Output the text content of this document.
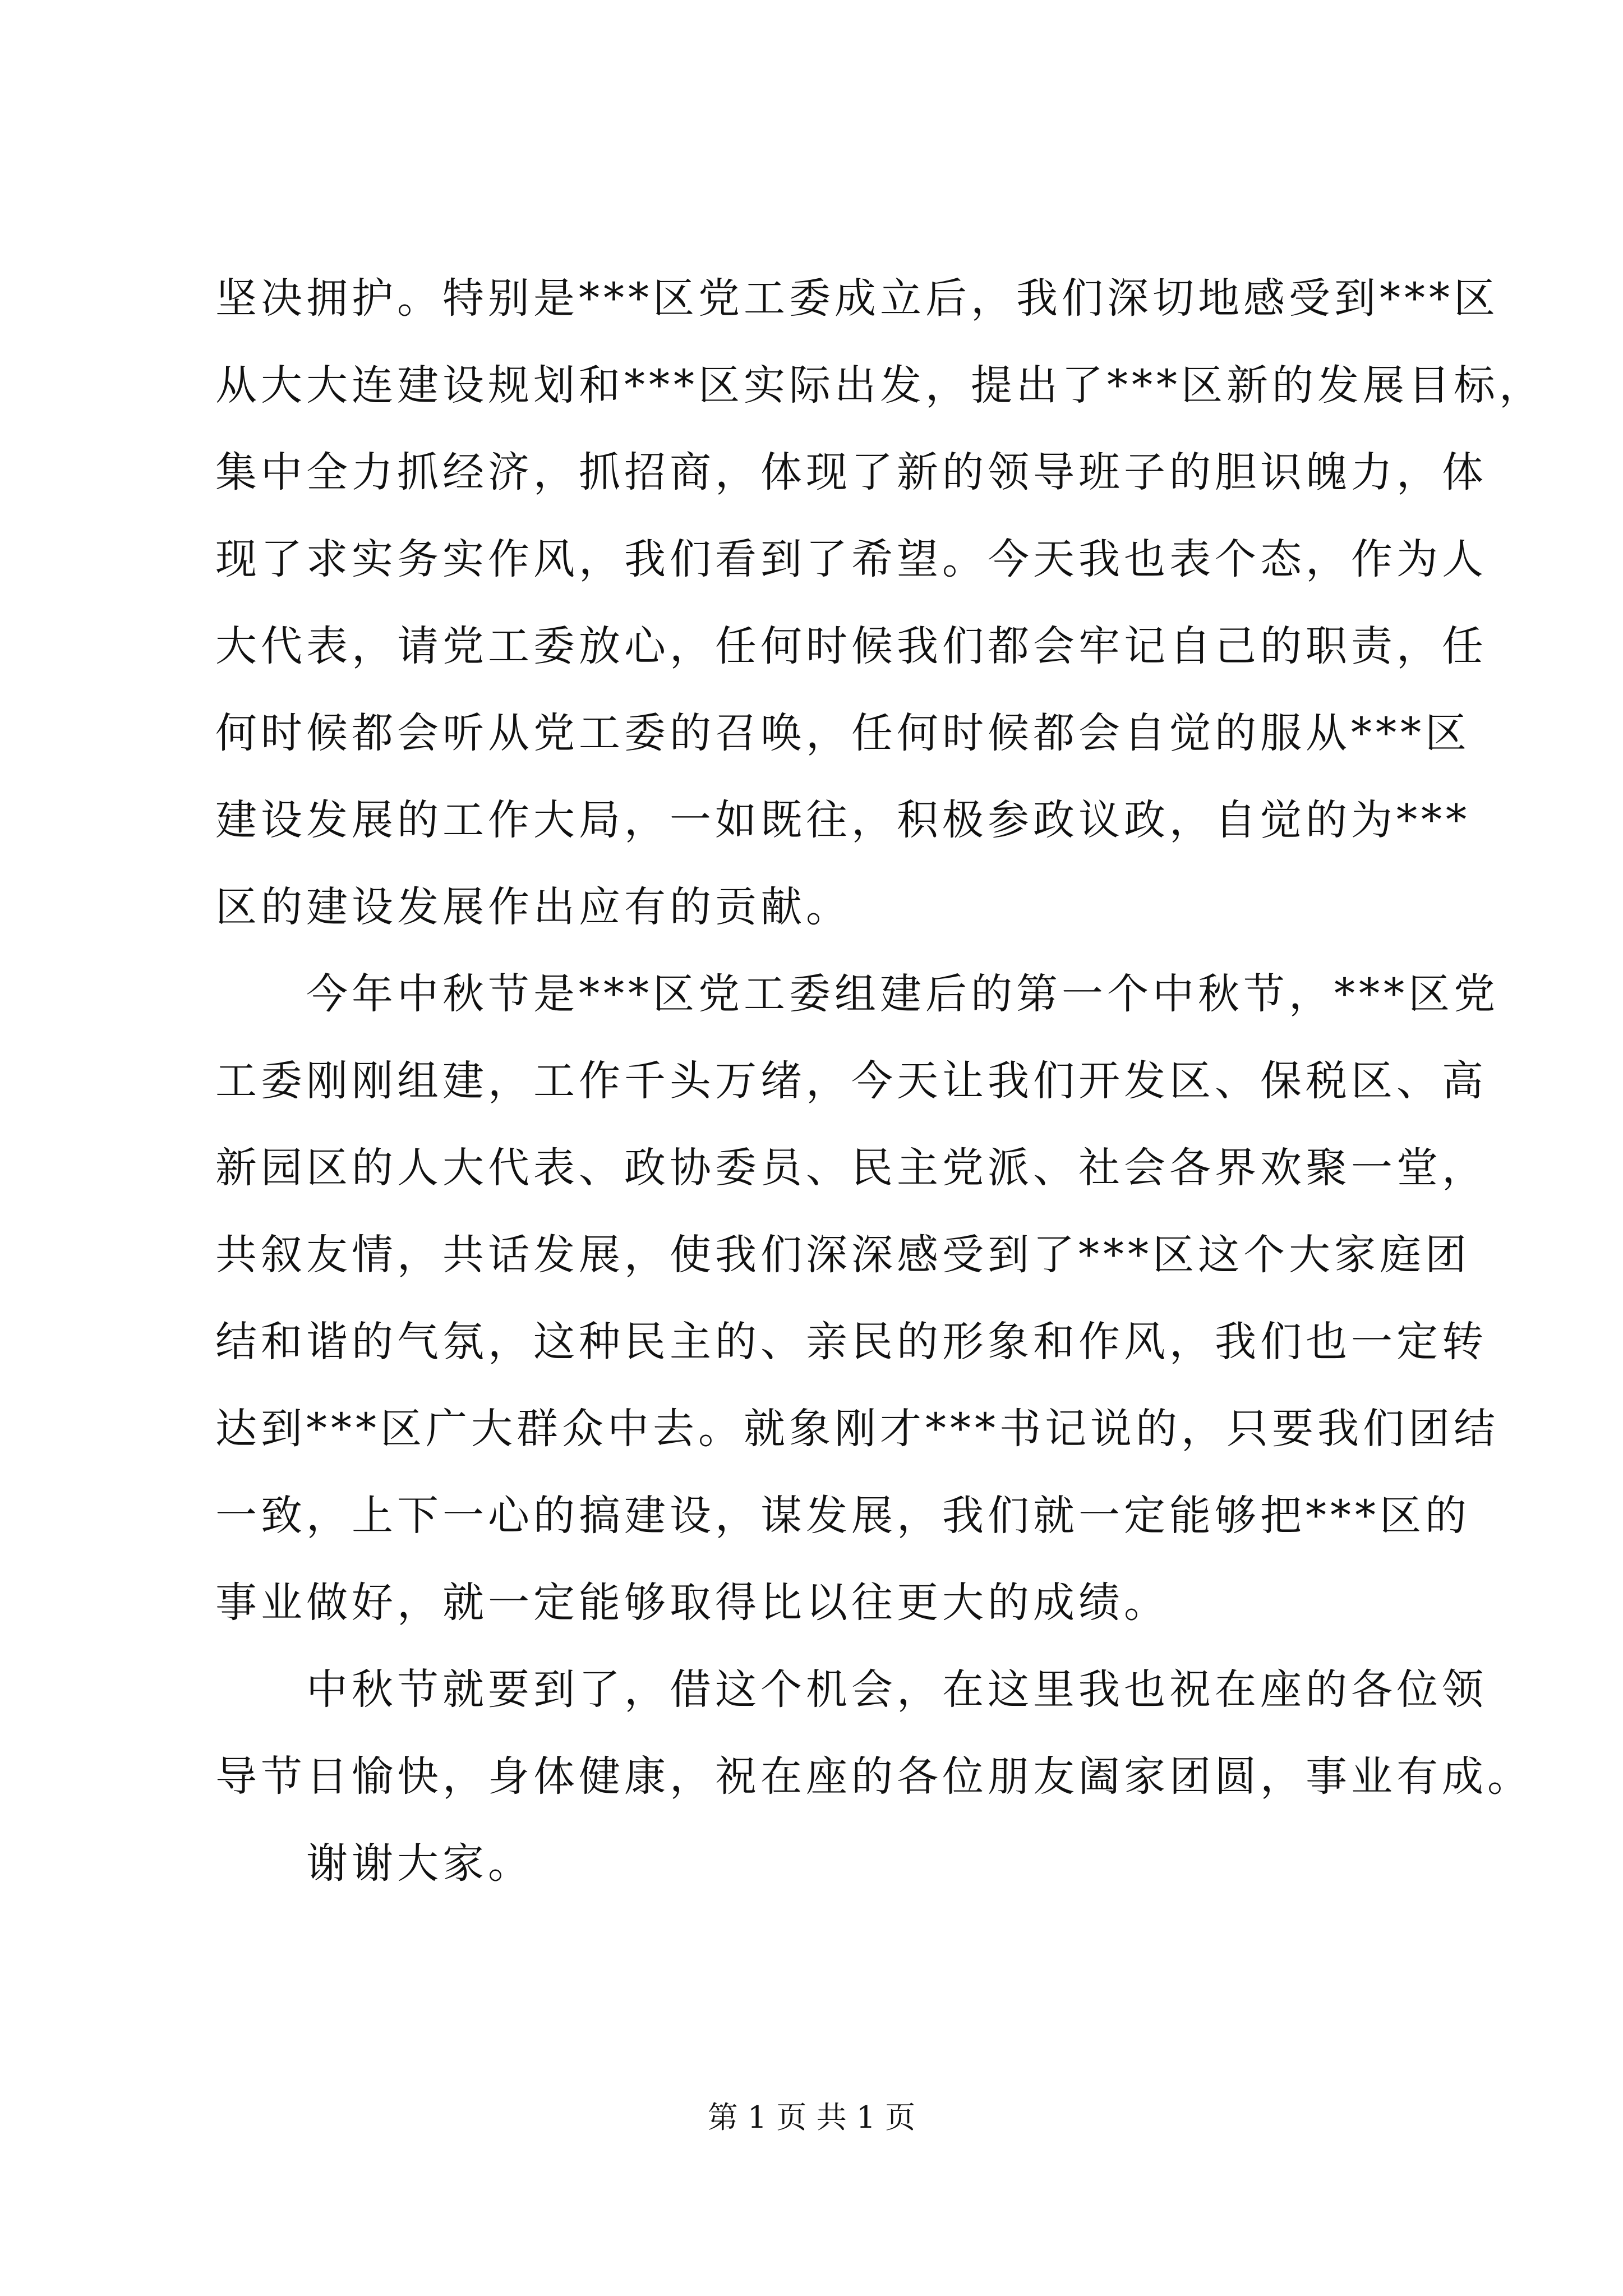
坚决拥护。特别是***区党工委成立后，我们深切地感受到***区
从大大连建设规划和***区实际出发，提出了***区新的发展目标，
集中全力抓经济，抓招商，体现了新的领导班子的胆识魄力，体
现了求实务实作风，我们看到了希望。今天我也表个态，作为人
大代表，请党工委放心，任何时候我们都会牢记自己的职责，任
何时候都会听从党工委的召唤，任何时候都会自觉的服从***区
建设发展的工作大局，一如既往，积极参政议政，自觉的为***
区的建设发展作出应有的贡献。
　　今年中秋节是***区党工委组建后的第一个中秋节，***区党
工委刚刚组建，工作千头万绪，今天让我们开发区、保税区、高
新园区的人大代表、政协委员、民主党派、社会各界欢聚一堂，
共叙友情，共话发展，使我们深深感受到了***区这个大家庭团
结和谐的气氛，这种民主的、亲民的形象和作风，我们也一定转
达到***区广大群众中去。就象刚才***书记说的，只要我们团结
一致，上下一心的搞建设，谋发展，我们就一定能够把***区的
事业做好，就一定能够取得比以往更大的成绩。
　　中秋节就要到了，借这个机会，在这里我也祝在座的各位领
导节日愉快，身体健康，祝在座的各位朋友阖家团圆，事业有成。
　　谢谢大家。
第 1 页 共 1 页
